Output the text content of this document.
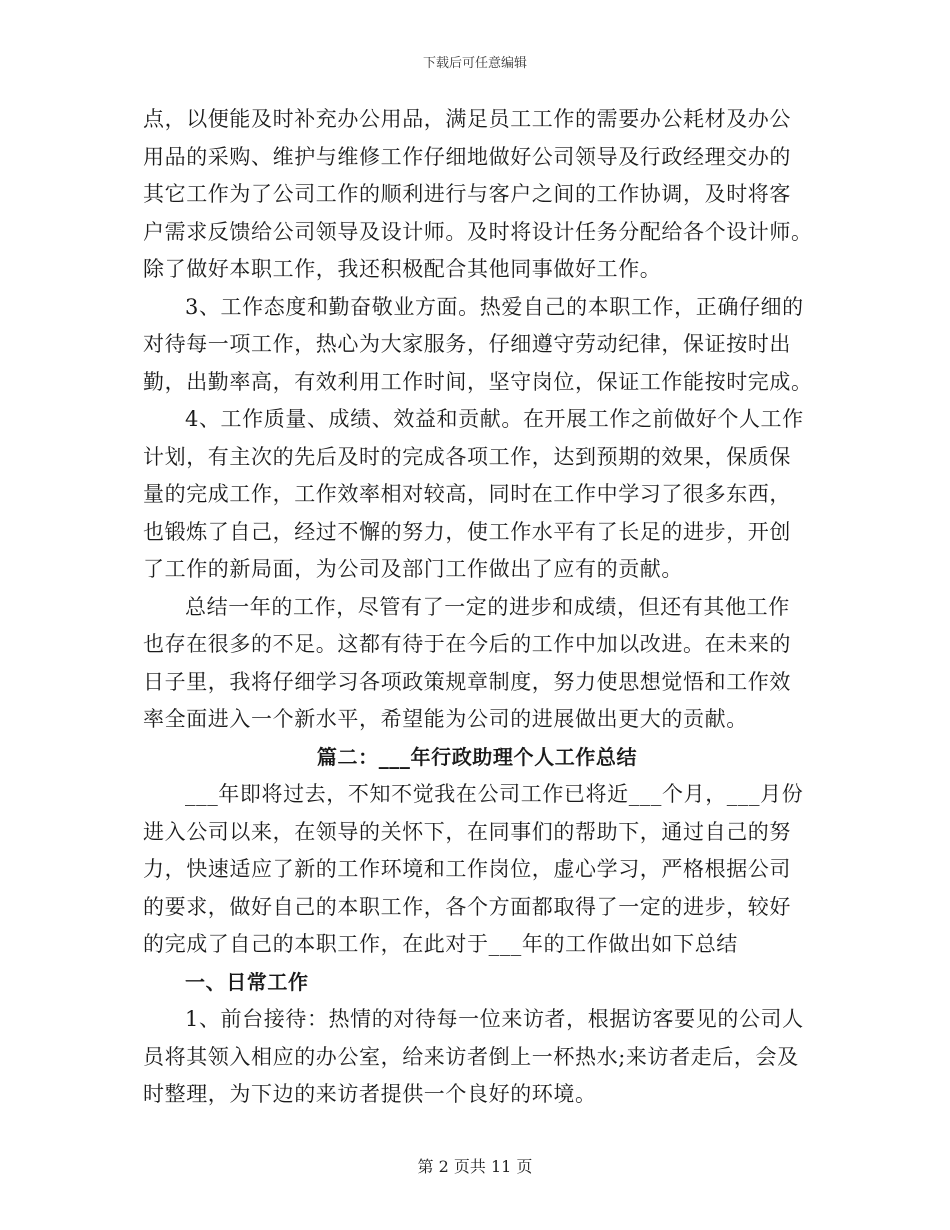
下载后可任意编辑
点，以便能及时补充办公用品，满足员工工作的需要办公耗材及办公
用品的采购、维护与维修工作仔细地做好公司领导及行政经理交办的
其它工作为了公司工作的顺利进行与客户之间的工作协调，及时将客
户需求反馈给公司领导及设计师。及时将设计任务分配给各个设计师。
除了做好本职工作，我还积极配合其他同事做好工作。
3、工作态度和勤奋敬业方面。热爱自己的本职工作，正确仔细的
对待每一项工作，热心为大家服务，仔细遵守劳动纪律，保证按时出
勤，出勤率高，有效利用工作时间，坚守岗位，保证工作能按时完成。
4、工作质量、成绩、效益和贡献。在开展工作之前做好个人工作
计划，有主次的先后及时的完成各项工作，达到预期的效果，保质保
量的完成工作，工作效率相对较高，同时在工作中学习了很多东西，
也锻炼了自己，经过不懈的努力，使工作水平有了长足的进步，开创
了工作的新局面，为公司及部门工作做出了应有的贡献。
总结一年的工作，尽管有了一定的进步和成绩，但还有其他工作
也存在很多的不足。这都有待于在今后的工作中加以改进。在未来的
日子里，我将仔细学习各项政策规章制度，努力使思想觉悟和工作效
率全面进入一个新水平，希望能为公司的进展做出更大的贡献。
篇二：___年行政助理个人工作总结
___年即将过去，不知不觉我在公司工作已将近___个月，___月份
进入公司以来，在领导的关怀下，在同事们的帮助下，通过自己的努
力，快速适应了新的工作环境和工作岗位，虚心学习，严格根据公司
的要求，做好自己的本职工作，各个方面都取得了一定的进步，较好
的完成了自己的本职工作，在此对于___年的工作做出如下总结
一、日常工作
1、前台接待：热情的对待每一位来访者，根据访客要见的公司人
员将其领入相应的办公室，给来访者倒上一杯热水;来访者走后，会及
时整理，为下边的来访者提供一个良好的环境。
第 2 页共 11 页
